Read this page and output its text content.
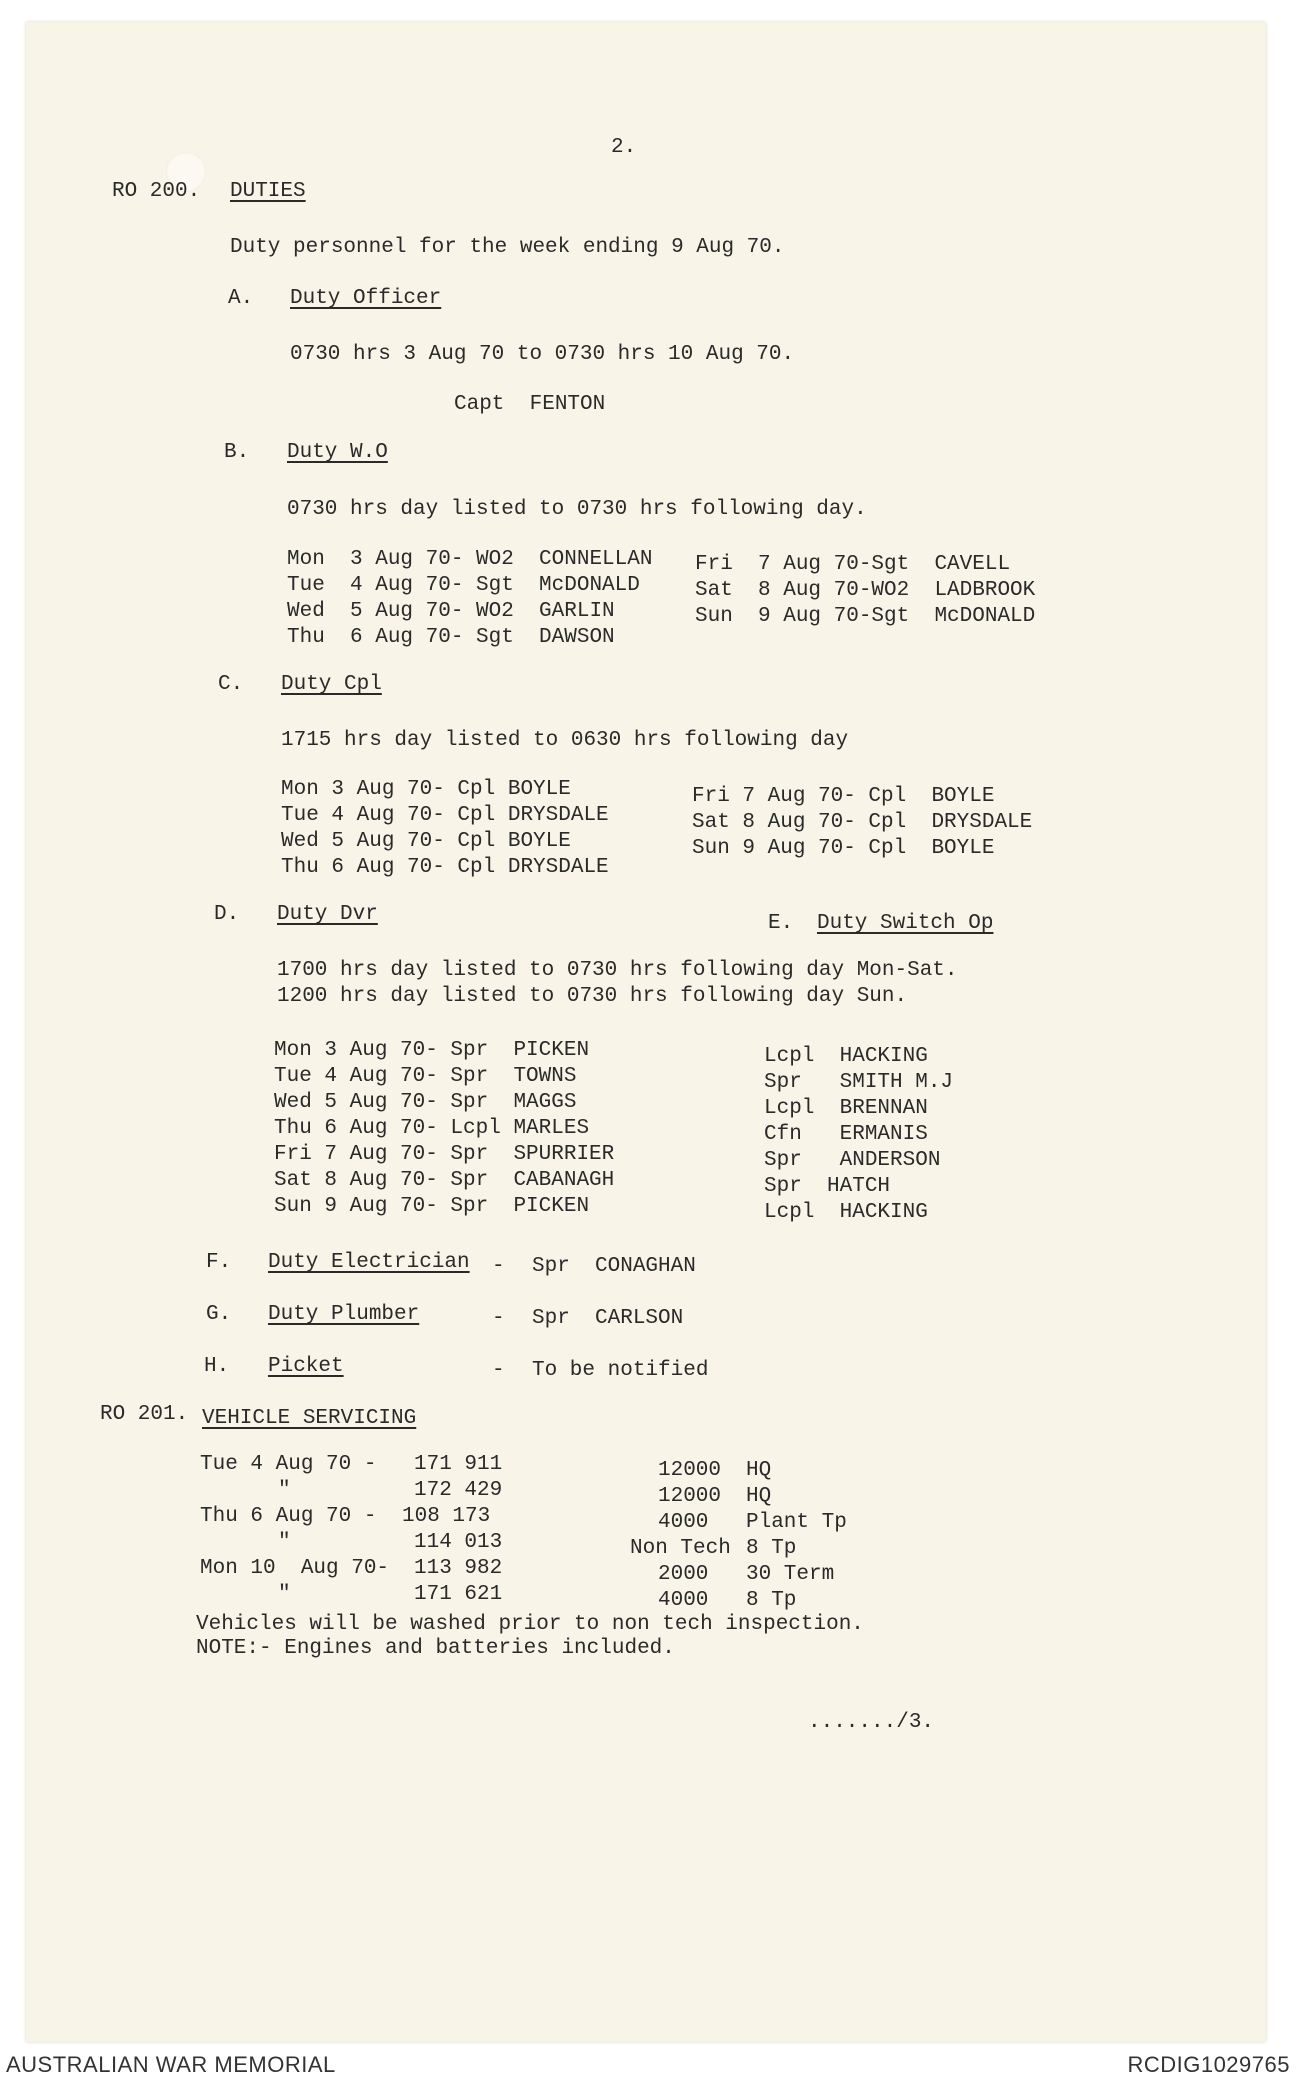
2.
RO 200. DUTIES
Duty personnel for the week ending 9 Aug 70.
A. Duty Officer
0730 hrs 3 Aug 70 to 0730 hrs 10 Aug 70.
Capt  FENTON
B. Duty W.O
0730 hrs day listed to 0730 hrs following day.
Mon  3 Aug 70- WO2  CONNELLAN
Tue  4 Aug 70- Sgt  McDONALD
Wed  5 Aug 70- WO2  GARLIN
Thu  6 Aug 70- Sgt  DAWSON
Fri  7 Aug 70-Sgt  CAVELL
Sat  8 Aug 70-WO2  LADBROOK
Sun  9 Aug 70-Sgt  McDONALD
C. Duty Cpl
1715 hrs day listed to 0630 hrs following day
Mon 3 Aug 70- Cpl BOYLE
Tue 4 Aug 70- Cpl DRYSDALE
Wed 5 Aug 70- Cpl BOYLE
Thu 6 Aug 70- Cpl DRYSDALE
Fri 7 Aug 70- Cpl  BOYLE
Sat 8 Aug 70- Cpl  DRYSDALE
Sun 9 Aug 70- Cpl  BOYLE
D. Duty Dvr	E. Duty Switch Op
1700 hrs day listed to 0730 hrs following day Mon-Sat.
1200 hrs day listed to 0730 hrs following day Sun.
Mon 3 Aug 70- Spr  PICKEN
Tue 4 Aug 70- Spr  TOWNS
Wed 5 Aug 70- Spr  MAGGS
Thu 6 Aug 70- Lcpl MARLES
Fri 7 Aug 70- Spr  SPURRIER
Sat 8 Aug 70- Spr  CABANAGH
Sun 9 Aug 70- Spr  PICKEN
Lcpl  HACKING
Spr   SMITH M.J
Lcpl  BRENNAN
Cfn   ERMANIS
Spr   ANDERSON
Spr  HATCH
Lcpl  HACKING
F. Duty Electrician - Spr  CONAGHAN
G. Duty Plumber	- Spr  CARLSON
H. Picket	- To be notified
RO 201. VEHICLE SERVICING
Tue 4 Aug 70 - 171 911	12000 HQ
"	172 429	12000 HQ
Thu 6 Aug 70 - 108 173	4000 Plant Tp
"	114 013	Non Tech 8 Tp
Mon 10  Aug 70- 113 982	2000 30 Term
"	171 621	4000 8 Tp
Vehicles will be washed prior to non tech inspection.
NOTE:- Engines and batteries included.
......./3.
AUSTRALIAN WAR MEMORIAL	RCDIG1029765
